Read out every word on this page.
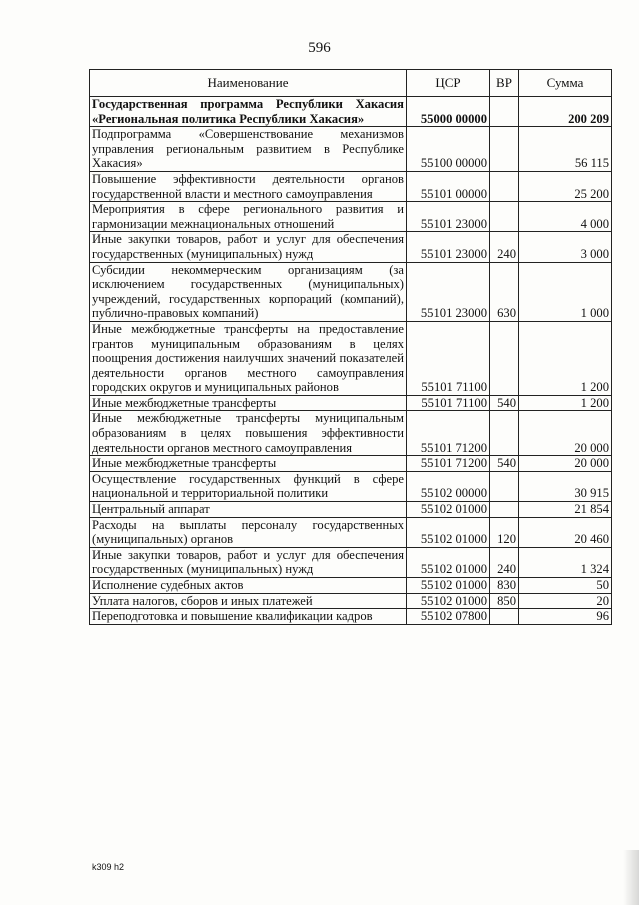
596
Наименование	ЦСР	ВР	Сумма
Государственная программа Республики Хакасия «Региональная политика Республики Хакасия»	55000 00000		200 209
Подпрограмма «Совершенствование механизмов управления региональным развитием в Республике Хакасия»	55100 00000		56 115
Повышение эффективности деятельности органов государственной власти и местного самоуправления	55101 00000		25 200
Мероприятия в сфере регионального развития и гармонизации межнациональных отношений	55101 23000		4 000
Иные закупки товаров, работ и услуг для обеспечения государственных (муниципальных) нужд	55101 23000	240	3 000
Субсидии некоммерческим организациям (за исключением государственных (муниципальных) учреждений, государственных корпораций (компаний), публично-правовых компаний)	55101 23000	630	1 000
Иные межбюджетные трансферты на предоставление грантов муниципальным образованиям в целях поощрения достижения наилучших значений показателей деятельности органов местного самоуправления городских округов и муниципальных районов	55101 71100		1 200
Иные межбюджетные трансферты	55101 71100	540	1 200
Иные межбюджетные трансферты муниципальным образованиям в целях повышения эффективности деятельности органов местного самоуправления	55101 71200		20 000
Иные межбюджетные трансферты	55101 71200	540	20 000
Осуществление государственных функций в сфере национальной и территориальной политики	55102 00000		30 915
Центральный аппарат	55102 01000		21 854
Расходы на выплаты персоналу государственных (муниципальных) органов	55102 01000	120	20 460
Иные закупки товаров, работ и услуг для обеспечения государственных (муниципальных) нужд	55102 01000	240	1 324
Исполнение судебных актов	55102 01000	830	50
Уплата налогов, сборов и иных платежей	55102 01000	850	20
Переподготовка и повышение квалификации кадров	55102 07800		96
k309 h2
